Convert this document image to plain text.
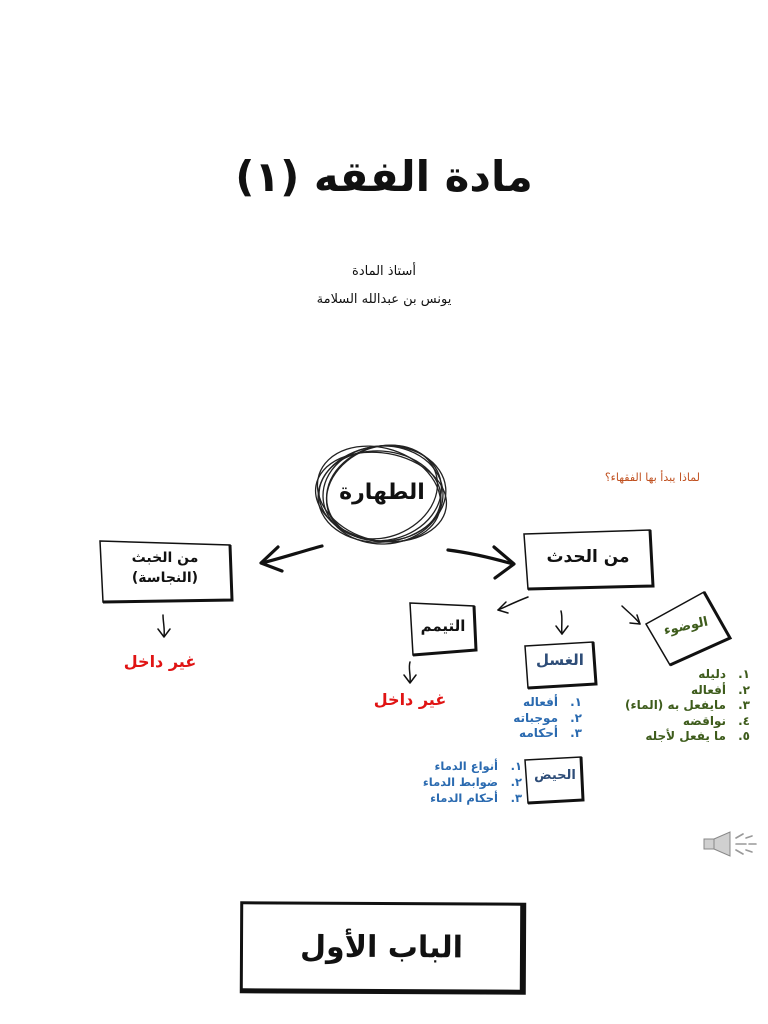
مادة الفقه (١)
أستاذ المادة
يونس بن عبدالله السلامة
الطهارة
لماذا يبدأ بها الفقهاء؟
من الخبث (النجاسة)
من الحدث
التيمم	الوضوء
الغسل
الحيض
غير داخل
غير داخل
١.
دليله
٢.
أفعاله
٣.
مايفعل به (الماء)
٤.
نواقضه
٥.
ما يفعل لأجله
١.
أفعاله
٢.
موجباته
٣.
أحكامه
١.
أنواع الدماء
٢.
ضوابط الدماء
٣.
أحكام الدماء
الباب الأول
